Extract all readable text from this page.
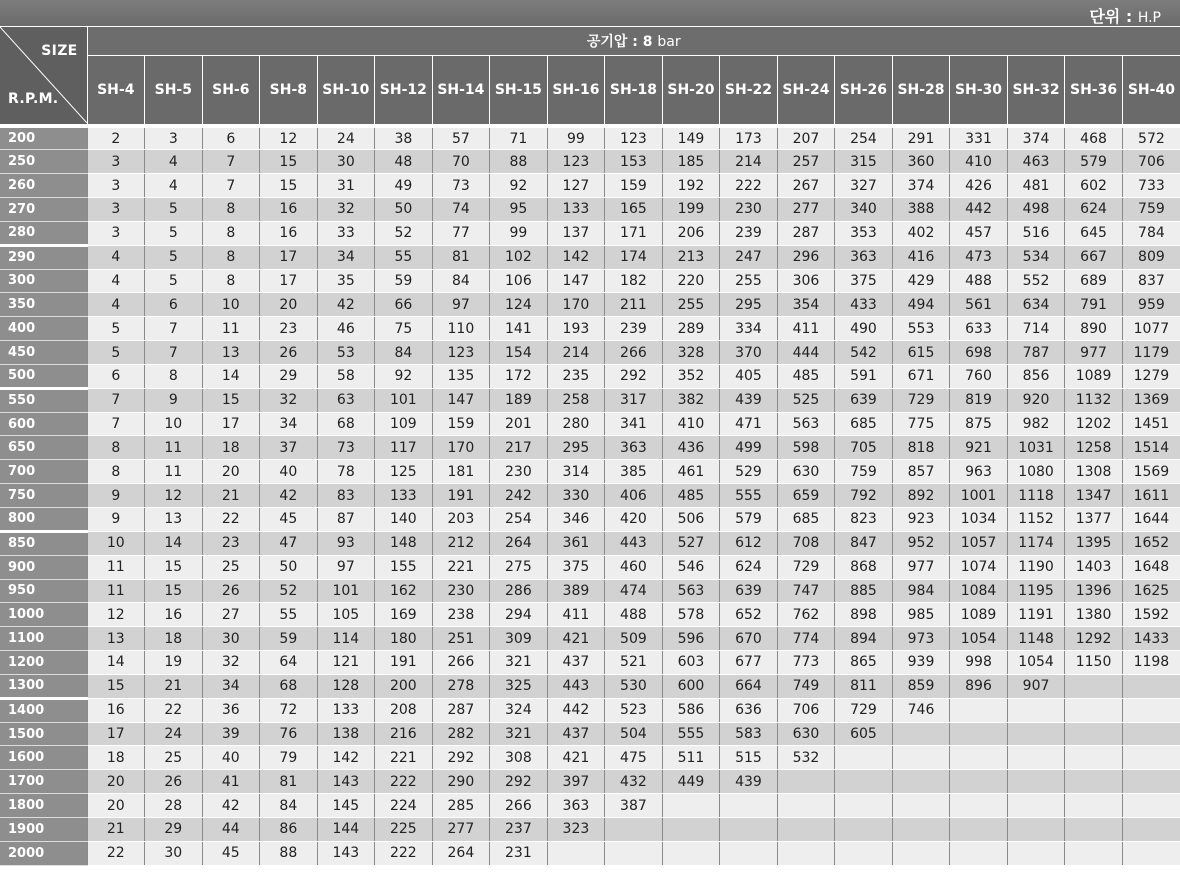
단위 : H.P
SIZE
R.P.M.	공기압 : 8 bar																		
	SH-4	SH-5	SH-6	SH-8	SH-10	SH-12	SH-14	SH-15	SH-16	SH-18	SH-20	SH-22	SH-24	SH-26	SH-28	SH-30	SH-32	SH-36	SH-40
200	2	3	6	12	24	38	57	71	99	123	149	173	207	254	291	331	374	468	572
250	3	4	7	15	30	48	70	88	123	153	185	214	257	315	360	410	463	579	706
260	3	4	7	15	31	49	73	92	127	159	192	222	267	327	374	426	481	602	733
270	3	5	8	16	32	50	74	95	133	165	199	230	277	340	388	442	498	624	759
280	3	5	8	16	33	52	77	99	137	171	206	239	287	353	402	457	516	645	784
290	4	5	8	17	34	55	81	102	142	174	213	247	296	363	416	473	534	667	809
300	4	5	8	17	35	59	84	106	147	182	220	255	306	375	429	488	552	689	837
350	4	6	10	20	42	66	97	124	170	211	255	295	354	433	494	561	634	791	959
400	5	7	11	23	46	75	110	141	193	239	289	334	411	490	553	633	714	890	1077
450	5	7	13	26	53	84	123	154	214	266	328	370	444	542	615	698	787	977	1179
500	6	8	14	29	58	92	135	172	235	292	352	405	485	591	671	760	856	1089	1279
550	7	9	15	32	63	101	147	189	258	317	382	439	525	639	729	819	920	1132	1369
600	7	10	17	34	68	109	159	201	280	341	410	471	563	685	775	875	982	1202	1451
650	8	11	18	37	73	117	170	217	295	363	436	499	598	705	818	921	1031	1258	1514
700	8	11	20	40	78	125	181	230	314	385	461	529	630	759	857	963	1080	1308	1569
750	9	12	21	42	83	133	191	242	330	406	485	555	659	792	892	1001	1118	1347	1611
800	9	13	22	45	87	140	203	254	346	420	506	579	685	823	923	1034	1152	1377	1644
850	10	14	23	47	93	148	212	264	361	443	527	612	708	847	952	1057	1174	1395	1652
900	11	15	25	50	97	155	221	275	375	460	546	624	729	868	977	1074	1190	1403	1648
950	11	15	26	52	101	162	230	286	389	474	563	639	747	885	984	1084	1195	1396	1625
1000	12	16	27	55	105	169	238	294	411	488	578	652	762	898	985	1089	1191	1380	1592
1100	13	18	30	59	114	180	251	309	421	509	596	670	774	894	973	1054	1148	1292	1433
1200	14	19	32	64	121	191	266	321	437	521	603	677	773	865	939	998	1054	1150	1198
1300	15	21	34	68	128	200	278	325	443	530	600	664	749	811	859	896	907		
1400	16	22	36	72	133	208	287	324	442	523	586	636	706	729	746				
1500	17	24	39	76	138	216	282	321	437	504	555	583	630	605					
1600	18	25	40	79	142	221	292	308	421	475	511	515	532						
1700	20	26	41	81	143	222	290	292	397	432	449	439							
1800	20	28	42	84	145	224	285	266	363	387									
1900	21	29	44	86	144	225	277	237	323										
2000	22	30	45	88	143	222	264	231											
